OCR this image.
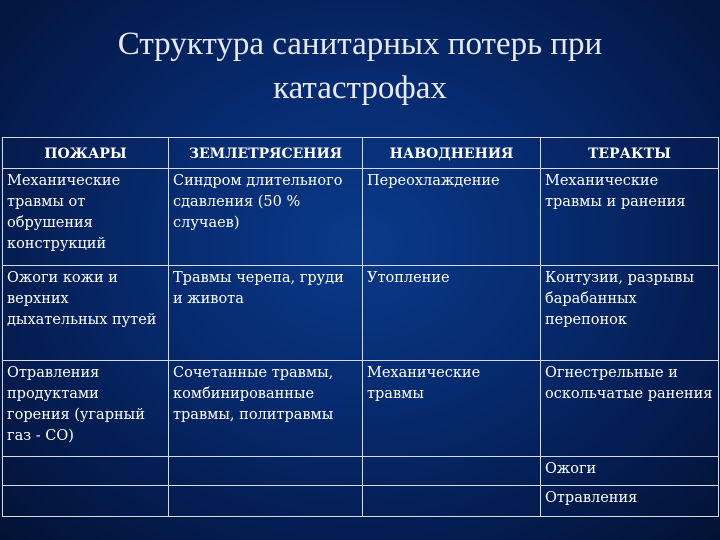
Структура санитарных потерь при
катастрофах
ПОЖАРЫ	ЗЕМЛЕТРЯСЕНИЯ	НАВОДНЕНИЯ	ТЕРАКТЫ
Механические травмы от обрушения конструкций	Синдром длительного сдавления (50 % случаев)	Переохлаждение	Механические травмы и ранения
Ожоги кожи и верхних дыхательных путей	Травмы черепа, груди и живота	Утопление	Контузии, разрывы барабанных перепонок
Отравления продуктами горения (угарный газ - СО)	Сочетанные травмы, комбинированные травмы, политравмы	Механические травмы	Огнестрельные и оскольчатые ранения
			Ожоги
			Отравления
